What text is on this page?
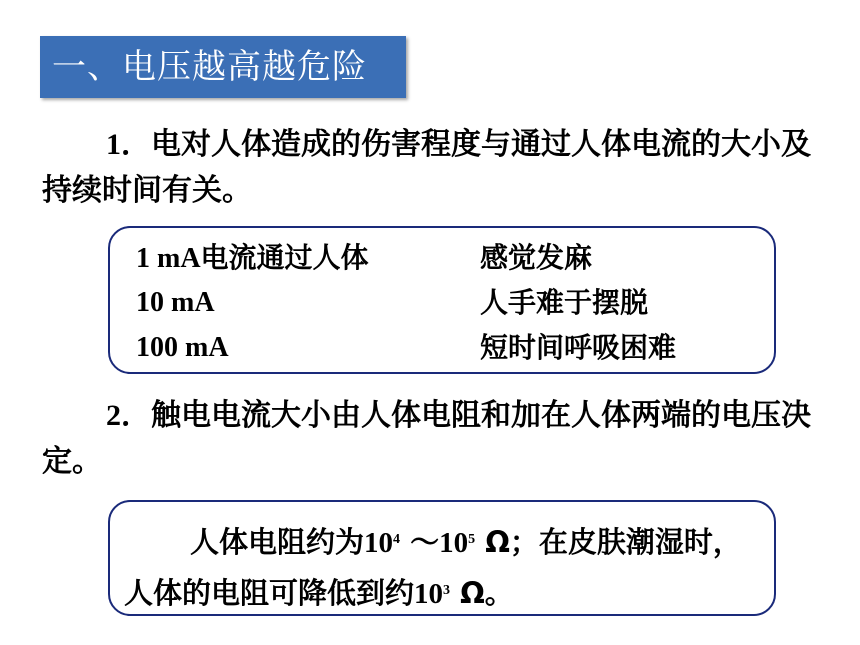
一、电压越高越危险
1．电对人体造成的伤害程度与通过人体电流的大小及持续时间有关。
1 mA电流通过人体	感觉发麻
10 mA	人手难于摆脱
100 mA	短时间呼吸困难
2．触电电流大小由人体电阻和加在人体两端的电压决定。
人体电阻约为$10^4$ $\sim 10^5$ Ω；在皮肤潮湿时，人体的电阻可降低到约$10^3$ Ω。
